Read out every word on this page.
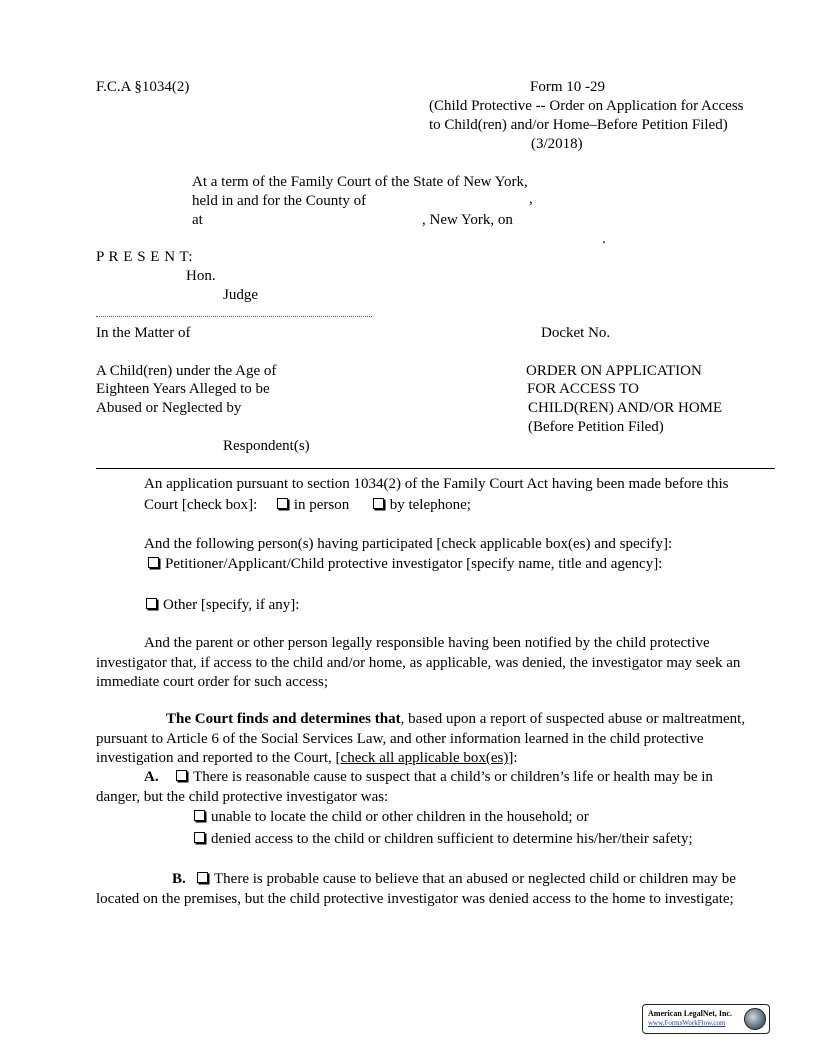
F.C.A §1034(2)	Form 10 -29
(Child Protective -- Order on Application for Access
to Child(ren) and/or Home–Before Petition Filed)
(3/2018)
At a term of the Family Court of the State of New York,
held in and for the County of	,
at	, New York, on
.
P R E S E N T:
Hon.
Judge
In the Matter of	Docket No.
A Child(ren) under the Age of
Eighteen Years Alleged to be
Abused or Neglected by
Respondent(s)
ORDER ON APPLICATION
FOR ACCESS TO
CHILD(REN) AND/OR HOME
(Before Petition Filed)
An application pursuant to section 1034(2) of the Family Court Act having been made before this
Court [check box]: in person	by telephone;
And the following person(s) having participated [check applicable box(es) and specify]:
Petitioner/Applicant/Child protective investigator [specify name, title and agency]:
Other [specify, if any]:
And the parent or other person legally responsible having been notified by the child protective investigator that, if access to the child and/or home, as applicable, was denied, the investigator may seek an immediate court order for such access;
The Court finds and determines that, based upon a report of suspected abuse or maltreatment, pursuant to Article 6 of the Social Services Law, and other information learned in the child protective investigation and reported to the Court, [check all applicable box(es)]:
A. There is reasonable cause to suspect that a child’s or children’s life or health may be in
danger, but the child protective investigator was:
unable to locate the child or other children in the household; or
denied access to the child or children sufficient to determine his/her/their safety;
B. There is probable cause to believe that an abused or neglected child or children may be located on the premises, but the child protective investigator was denied access to the home to investigate;
American LegalNet, Inc.
www.FormsWorkFlow.com
